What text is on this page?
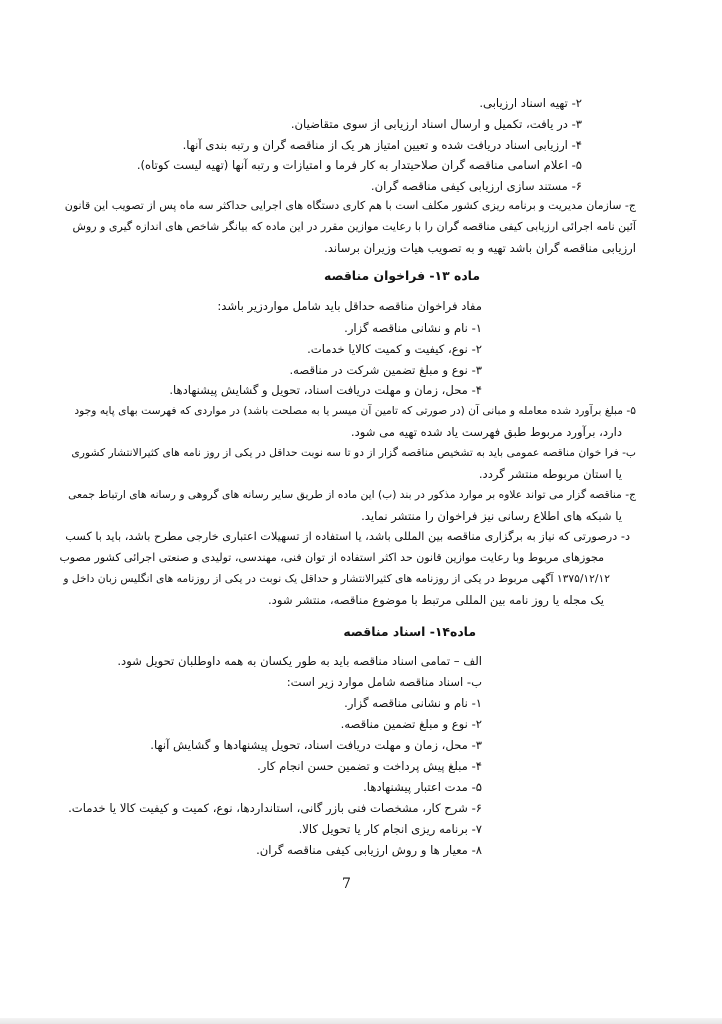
۲- تهیه اسناد ارزیابی.
۳- در یافت، تکمیل و ارسال اسناد ارزیابی از سوی متقاضیان.
۴- ارزیابی اسناد دریافت شده و تعیین امتیاز هر یک از مناقصه گران و رتبه بندی آنها.
۵- اعلام اسامی مناقصه گران صلاحیتدار به کار فرما و امتیازات و رتبه آنها (تهیه لیست کوتاه).
۶- مستند سازی ارزیابی کیفی مناقصه گران.
ج- سازمان مدیریت و برنامه ریزی کشور مکلف است با هم کاری دستگاه های اجرایی حداکثر سه ماه پس از تصویب این قانون
آئین نامه اجرائی ارزیابی کیفی مناقصه گران را با رعایت موازین مقرر در این ماده که بیانگر شاخص های اندازه گیری و روش
ارزیابی مناقصه گران باشد تهیه و به تصویب هیات وزیران برساند.
ماده ۱۳- فراخوان مناقصه
مفاد فراخوان مناقصه حداقل باید شامل مواردزیر باشد:
۱- نام و نشانی مناقصه گزار.
۲- نوع، کیفیت و کمیت کالایا خدمات.
۳- نوع و مبلغ تضمین شرکت در مناقصه.
۴- محل، زمان و مهلت دریافت اسناد، تحویل و گشایش پیشنهادها.
۵- مبلغ برآورد شده معامله و مبانی آن (در صورتی که تامین آن میسر یا به مصلحت باشد) در مواردی که فهرست بهای پایه وجود
دارد، برآورد مربوط طبق فهرست یاد شده تهیه می شود.
ب- فرا خوان مناقصه عمومی باید به تشخیص مناقصه گزار از دو تا سه نوبت حداقل در یکی از روز نامه های کثیرالانتشار کشوری
یا استان مربوطه منتشر گردد.
ج- مناقصه گزار می تواند علاوه بر موارد مذکور در بند (ب) این ماده از طریق سایر رسانه های گروهی و رسانه های ارتباط جمعی
یا شبکه های اطلاع رسانی نیز فراخوان را منتشر نماید.
د- درصورتی که نیاز به برگزاری مناقصه بین المللی باشد، یا استفاده از تسهیلات اعتباری خارجی مطرح باشد، باید با کسب
مجوزهای مربوط وبا رعایت موازین قانون حد اکثر استفاده از توان فنی، مهندسی، تولیدی و صنعتی اجرائی کشور مصوب
۱۳۷۵/۱۲/۱۲ آگهی مربوط در یکی از روزنامه های کثیرالانتشار و حداقل یک نوبت در یکی از روزنامه های انگلیس زبان داخل و
یک مجله یا روز نامه بین المللی مرتبط با موضوع مناقصه، منتشر شود.
ماده۱۴- اسناد مناقصه
الف – تمامی اسناد مناقصه باید به طور یکسان به همه داوطلبان تحویل شود.
ب- اسناد مناقصه شامل موارد زیر است:
۱- نام و نشانی مناقصه گزار.
۲- نوع و مبلغ تضمین مناقصه.
۳- محل، زمان و مهلت دریافت اسناد، تحویل پیشنهادها و گشایش آنها.
۴- مبلغ پیش پرداخت و تضمین حسن انجام کار.
۵- مدت اعتبار پیشنهادها.
۶- شرح کار، مشخصات فنی بازر گانی، استانداردها، نوع، کمیت و کیفیت کالا یا خدمات.
۷- برنامه ریزی انجام کار یا تحویل کالا.
۸- معیار ها و روش ارزیابی کیفی مناقصه گران.
7
